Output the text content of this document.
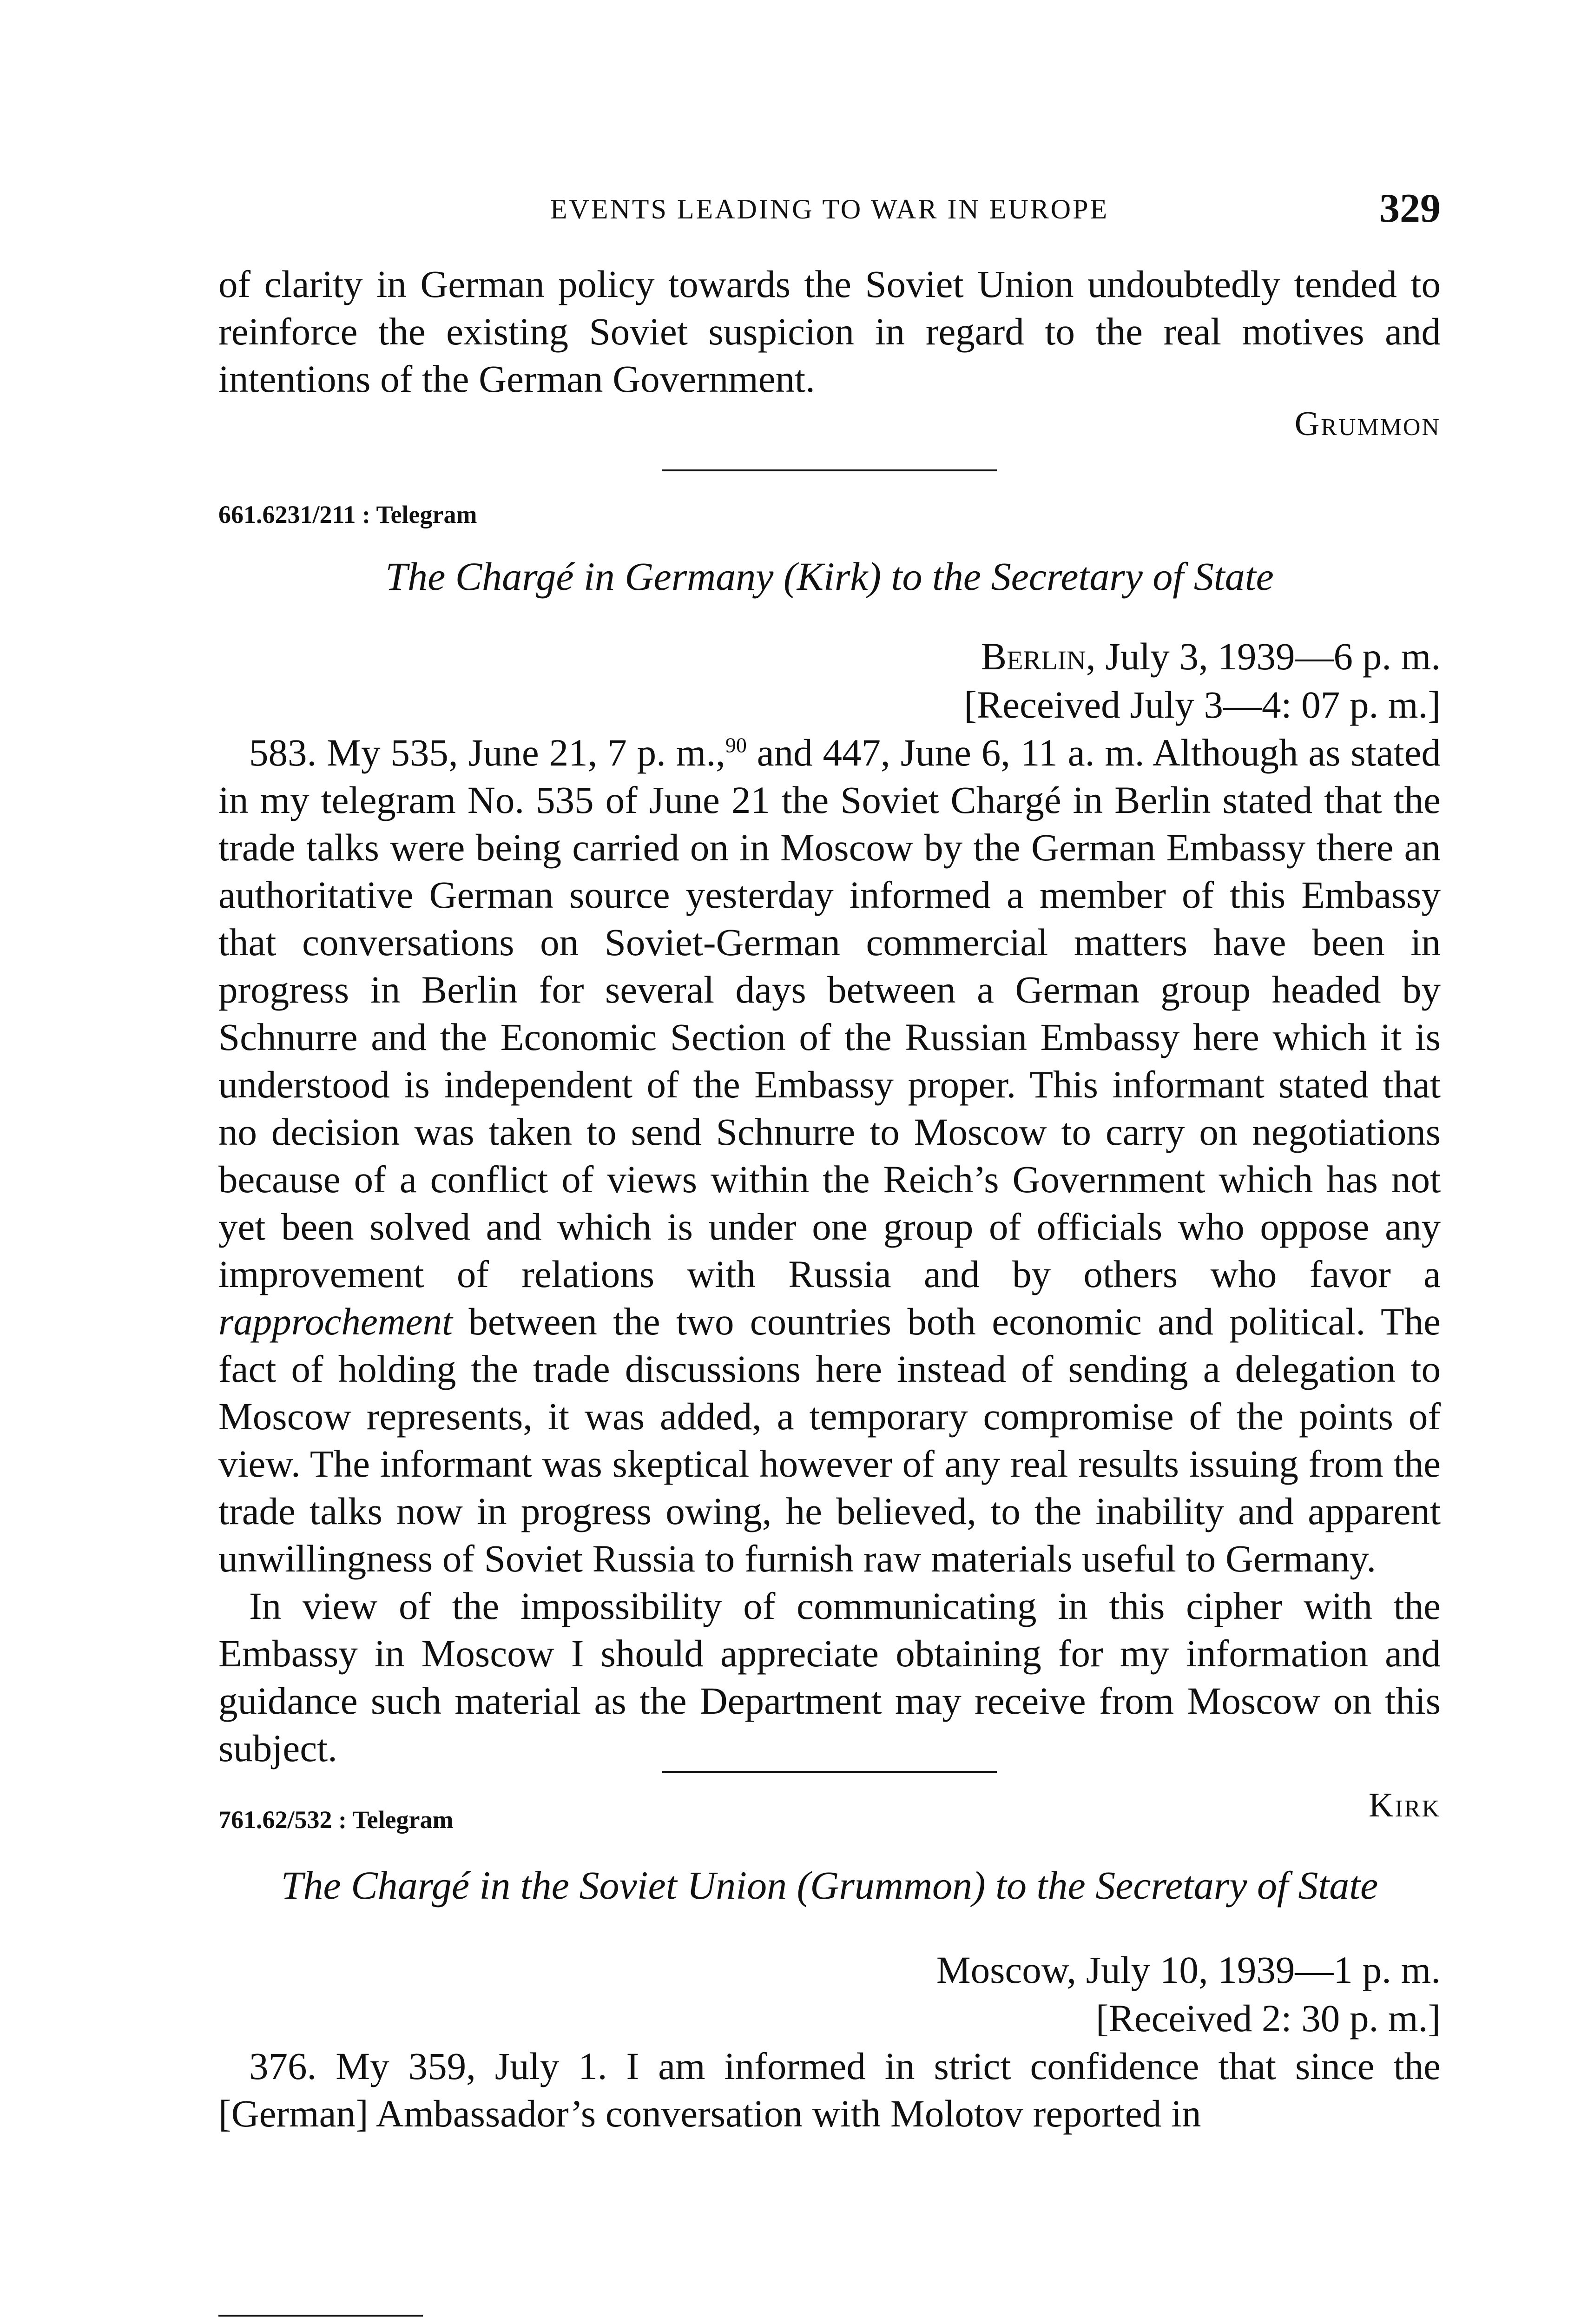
EVENTS LEADING TO WAR IN EUROPE	329

of clarity in German policy towards the Soviet Union undoubtedly tended to reinforce the existing Soviet suspicion in regard to the real motives and intentions of the German Government.

Grummon

661.6231/211 : Telegram

The Chargé in Germany (Kirk) to the Secretary of State

Berlin, July 3, 1939—6 p. m.

[Received July 3—4: 07 p. m.]

583. My 535, June 21, 7 p. m.,$^{90}$ and 447, June 6, 11 a. m. Although as stated in my telegram No. 535 of June 21 the Soviet Chargé in Berlin stated that the trade talks were being carried on in Moscow by the German Embassy there an authoritative German source yesterday informed a member of this Embassy that conversations on Soviet-German commercial matters have been in progress in Berlin for several days between a German group headed by Schnurre and the Economic Section of the Russian Embassy here which it is understood is independent of the Embassy proper. This informant stated that no decision was taken to send Schnurre to Moscow to carry on negotiations because of a conflict of views within the Reich’s Government which has not yet been solved and which is under one group of officials who oppose any improvement of relations with Russia and by others who favor a rapprochement between the two countries both economic and political. The fact of holding the trade discussions here instead of sending a delegation to Moscow represents, it was added, a temporary compromise of the points of view. The informant was skeptical however of any real results issuing from the trade talks now in progress owing, he believed, to the inability and apparent unwillingness of Soviet Russia to furnish raw materials useful to Germany.

In view of the impossibility of communicating in this cipher with the Embassy in Moscow I should appreciate obtaining for my information and guidance such material as the Department may receive from Moscow on this subject.

Kirk

761.62/532 : Telegram

The Chargé in the Soviet Union (Grummon) to the Secretary of State

Moscow, July 10, 1939—1 p. m.

[Received 2: 30 p. m.]

376. My 359, July 1. I am informed in strict confidence that since the [German] Ambassador’s conversation with Molotov reported in
